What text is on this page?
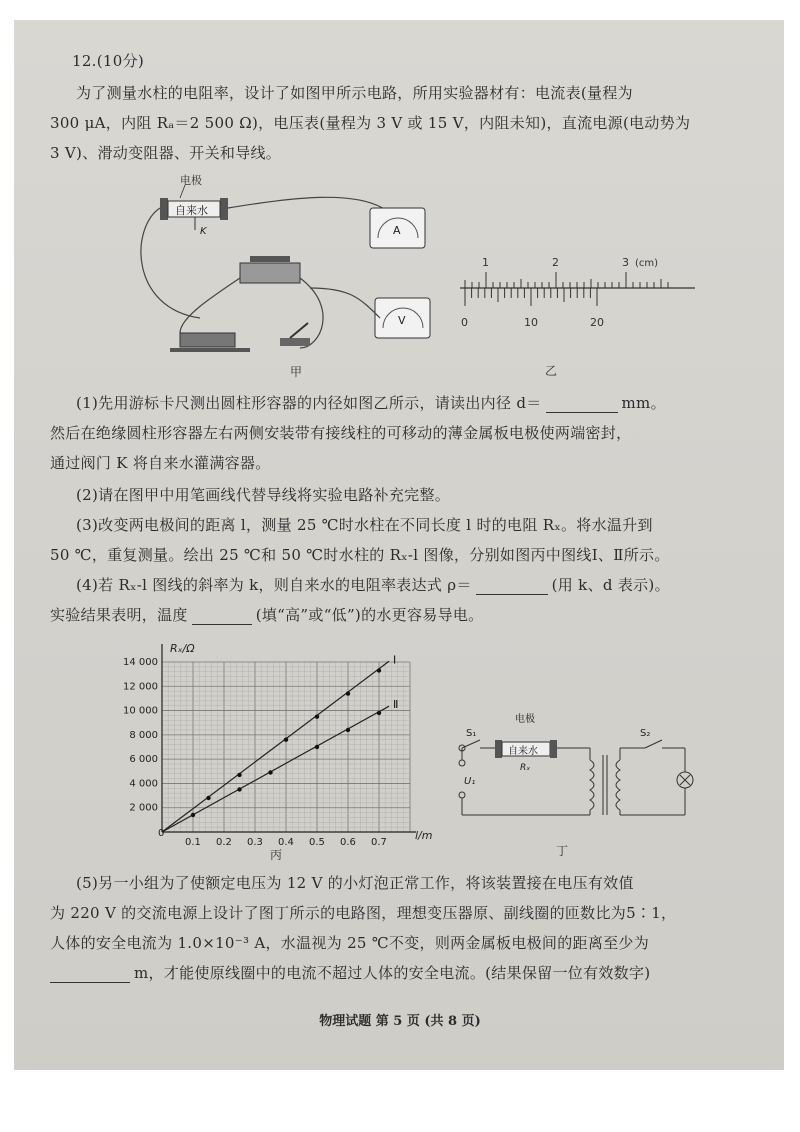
12.(10分)
为了测量水柱的电阻率，设计了如图甲所示电路，所用实验器材有：电流表(量程为
300 μA，内阻 Rₐ＝2 500 Ω)，电压表(量程为 3 V 或 15 V，内阻未知)，直流电源(电动势为
3 V)、滑动变阻器、开关和导线。
电极
自来水
K	A
V
甲
1	2	3 (cm)
0	10	20
乙
(1)先用游标卡尺测出圆柱形容器的内径如图乙所示，请读出内径 d＝	mm。
然后在绝缘圆柱形容器左右两侧安装带有接线柱的可移动的薄金属板电极使两端密封，
通过阀门 K 将自来水灌满容器。
(2)请在图甲中用笔画线代替导线将实验电路补充完整。
(3)改变两电极间的距离 l，测量 25 ℃时水柱在不同长度 l 时的电阻 Rₓ。将水温升到
50 ℃，重复测量。绘出 25 ℃和 50 ℃时水柱的 Rₓ-l 图像，分别如图丙中图线Ⅰ、Ⅱ所示。
(4)若 Rₓ-l 图线的斜率为 k，则自来水的电阻率表达式 ρ＝	(用 k、d 表示)。
实验结果表明，温度	(填“高”或“低”)的水更容易导电。
0.1 0.2 0.3 0.4 0.5 0.6 0.7
2 000
4 000
6 000
8 000
10 000
12 000
14 000	Ⅰ
Ⅱ
Rₓ/Ω
l/m
0
丙
S₁
电极
自来水
Rₓ
U₁
S₂
丁
(5)另一小组为了使额定电压为 12 V 的小灯泡正常工作，将该装置接在电压有效值
为 220 V 的交流电源上设计了图丁所示的电路图，理想变压器原、副线圈的匝数比为5∶1，
人体的安全电流为 1.0×10⁻³ A，水温视为 25 ℃不变，则两金属板电极间的距离至少为
m，才能使原线圈中的电流不超过人体的安全电流。(结果保留一位有效数字)
物理试题 第 5 页 (共 8 页)
